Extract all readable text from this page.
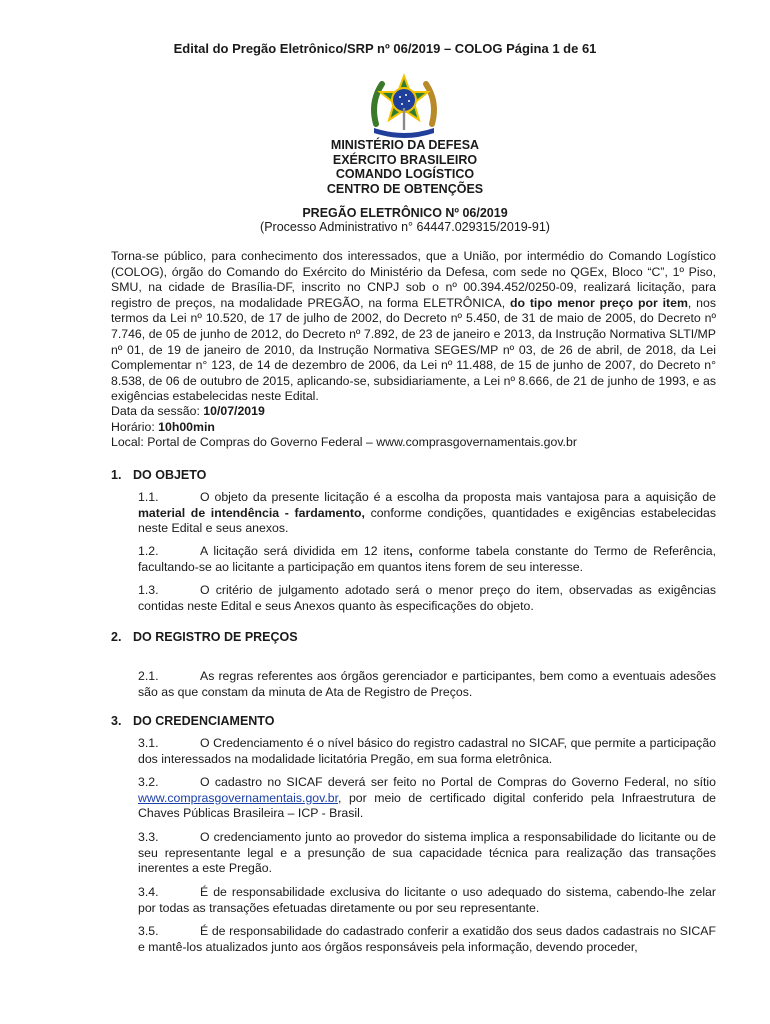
Edital do Pregão Eletrônico/SRP nº 06/2019 – COLOG Página 1 de 61
MINISTÉRIO DA DEFESA
EXÉRCITO BRASILEIRO
COMANDO LOGÍSTICO
CENTRO DE OBTENÇÕES
PREGÃO ELETRÔNICO Nº 06/2019
(Processo Administrativo n° 64447.029315/2019-91)
Torna-se público, para conhecimento dos interessados, que a União, por intermédio do Comando Logístico (COLOG), órgão do Comando do Exército do Ministério da Defesa, com sede no QGEx, Bloco “C”, 1º Piso, SMU, na cidade de Brasília-DF, inscrito no CNPJ sob o nº 00.394.452/0250-09, realizará licitação, para registro de preços, na modalidade PREGÃO, na forma ELETRÔNICA, do tipo menor preço por item, nos termos da Lei nº 10.520, de 17 de julho de 2002, do Decreto nº 5.450, de 31 de maio de 2005, do Decreto nº 7.746, de 05 de junho de 2012, do Decreto nº 7.892, de 23 de janeiro e 2013, da Instrução Normativa SLTI/MP nº 01, de 19 de janeiro de 2010, da Instrução Normativa SEGES/MP nº 03, de 26 de abril, de 2018, da Lei Complementar n° 123, de 14 de dezembro de 2006, da Lei nº 11.488, de 15 de junho de 2007, do Decreto n° 8.538, de 06 de outubro de 2015, aplicando-se, subsidiariamente, a Lei nº 8.666, de 21 de junho de 1993, e as exigências estabelecidas neste Edital.
Data da sessão: 10/07/2019
Horário: 10h00min
Local: Portal de Compras do Governo Federal – www.comprasgovernamentais.gov.br
1. DO OBJETO
1.1.	O objeto da presente licitação é a escolha da proposta mais vantajosa para a aquisição de material de intendência - fardamento, conforme condições, quantidades e exigências estabelecidas neste Edital e seus anexos.
1.2.	A licitação será dividida em 12 itens, conforme tabela constante do Termo de Referência, facultando-se ao licitante a participação em quantos itens forem de seu interesse.
1.3.	O critério de julgamento adotado será o menor preço do item, observadas as exigências contidas neste Edital e seus Anexos quanto às especificações do objeto.
2. DO REGISTRO DE PREÇOS
2.1.	As regras referentes aos órgãos gerenciador e participantes, bem como a eventuais adesões são as que constam da minuta de Ata de Registro de Preços.
3. DO CREDENCIAMENTO
3.1.	O Credenciamento é o nível básico do registro cadastral no SICAF, que permite a participação dos interessados na modalidade licitatória Pregão, em sua forma eletrônica.
3.2.	O cadastro no SICAF deverá ser feito no Portal de Compras do Governo Federal, no sítio www.comprasgovernamentais.gov.br, por meio de certificado digital conferido pela Infraestrutura de Chaves Públicas Brasileira – ICP - Brasil.
3.3.	O credenciamento junto ao provedor do sistema implica a responsabilidade do licitante ou de seu representante legal e a presunção de sua capacidade técnica para realização das transações inerentes a este Pregão.
3.4.	É de responsabilidade exclusiva do licitante o uso adequado do sistema, cabendo-lhe zelar por todas as transações efetuadas diretamente ou por seu representante.
3.5.	É de responsabilidade do cadastrado conferir a exatidão dos seus dados cadastrais no SICAF e mantê-los atualizados junto aos órgãos responsáveis pela informação, devendo proceder,
